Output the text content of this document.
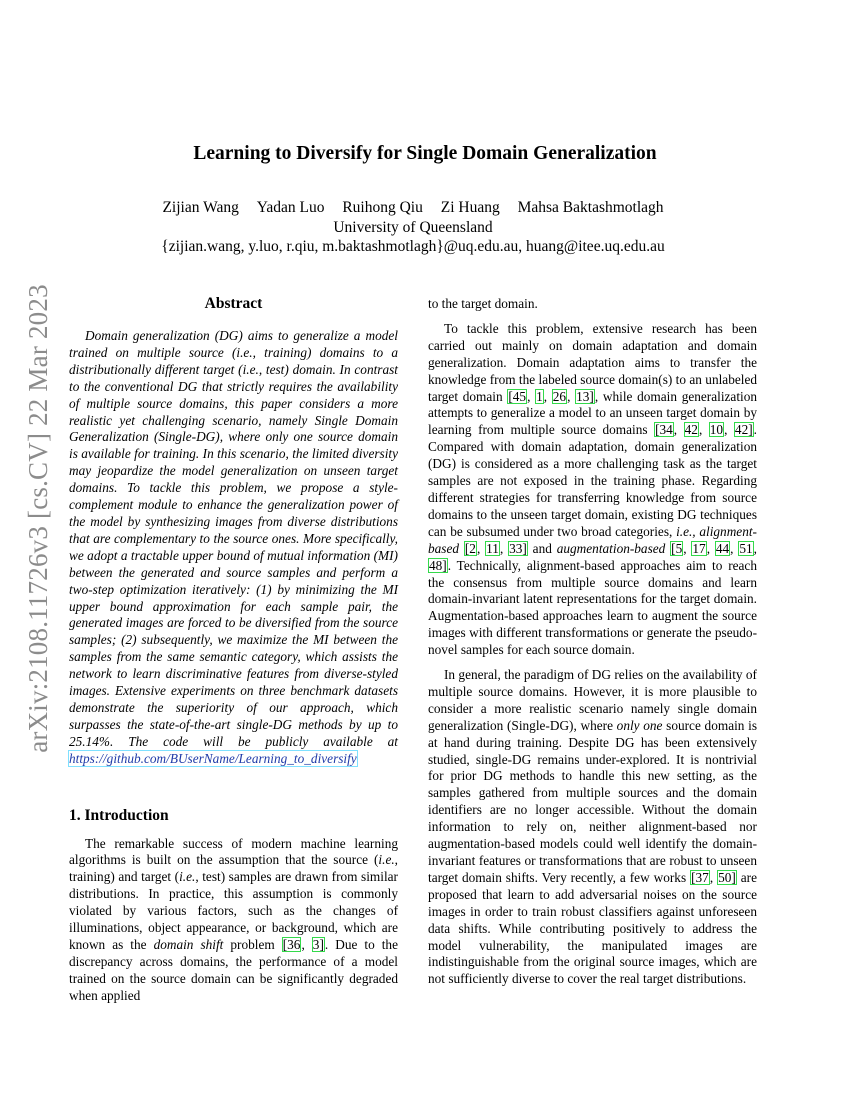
arXiv:2108.11726v3 [cs.CV] 22 Mar 2023
Learning to Diversify for Single Domain Generalization
Zijian Wang Yadan Luo Ruihong Qiu Zi Huang Mahsa Baktashmotlagh
University of Queensland
{zijian.wang, y.luo, r.qiu, m.baktashmotlagh}@uq.edu.au, huang@itee.uq.edu.au
Abstract

Domain generalization (DG) aims to generalize a model trained on multiple source (i.e., training) domains to a distributionally different target (i.e., test) domain. In contrast to the conventional DG that strictly requires the availability of multiple source domains, this paper considers a more realistic yet challenging scenario, namely Single Domain Generalization (Single-DG), where only one source domain is available for training. In this scenario, the limited diversity may jeopardize the model generalization on unseen target domains. To tackle this problem, we propose a style-complement module to enhance the generalization power of the model by synthesizing images from diverse distributions that are complementary to the source ones. More specifically, we adopt a tractable upper bound of mutual information (MI) between the generated and source samples and perform a two-step optimization iteratively: (1) by minimizing the MI upper bound approximation for each sample pair, the generated images are forced to be diversified from the source samples; (2) subsequently, we maximize the MI between the samples from the same semantic category, which assists the network to learn discriminative features from diverse-styled images. Extensive experiments on three benchmark datasets demonstrate the superiority of our approach, which surpasses the state-of-the-art single-DG methods by up to 25.14%. The code will be publicly available at https://github.com/BUserName/Learning_to_diversify

1. Introduction

The remarkable success of modern machine learning algorithms is built on the assumption that the source (i.e., training) and target (i.e., test) samples are drawn from similar distributions. In practice, this assumption is commonly violated by various factors, such as the changes of illuminations, object appearance, or background, which are known as the domain shift problem [36, 3]. Due to the discrepancy across domains, the performance of a model trained on the source domain can be significantly degraded when applied

to the target domain.

To tackle this problem, extensive research has been carried out mainly on domain adaptation and domain generalization. Domain adaptation aims to transfer the knowledge from the labeled source domain(s) to an unlabeled target domain [45, 1, 26, 13], while domain generalization attempts to generalize a model to an unseen target domain by learning from multiple source domains [34, 42, 10, 42]. Compared with domain adaptation, domain generalization (DG) is considered as a more challenging task as the target samples are not exposed in the training phase. Regarding different strategies for transferring knowledge from source domains to the unseen target domain, existing DG techniques can be subsumed under two broad categories, i.e., alignment-based [2, 11, 33] and augmentation-based [5, 17, 44, 51, 48]. Technically, alignment-based approaches aim to reach the consensus from multiple source domains and learn domain-invariant latent representations for the target domain. Augmentation-based approaches learn to augment the source images with different transformations or generate the pseudo-novel samples for each source domain.

In general, the paradigm of DG relies on the availability of multiple source domains. However, it is more plausible to consider a more realistic scenario namely single domain generalization (Single-DG), where only one source domain is at hand during training. Despite DG has been extensively studied, single-DG remains under-explored. It is nontrivial for prior DG methods to handle this new setting, as the samples gathered from multiple sources and the domain identifiers are no longer accessible. Without the domain information to rely on, neither alignment-based nor augmentation-based models could well identify the domain-invariant features or transformations that are robust to unseen target domain shifts. Very recently, a few works [37, 50] are proposed that learn to add adversarial noises on the source images in order to train robust classifiers against unforeseen data shifts. While contributing positively to address the model vulnerability, the manipulated images are indistinguishable from the original source images, which are not sufficiently diverse to cover the real target distributions.
